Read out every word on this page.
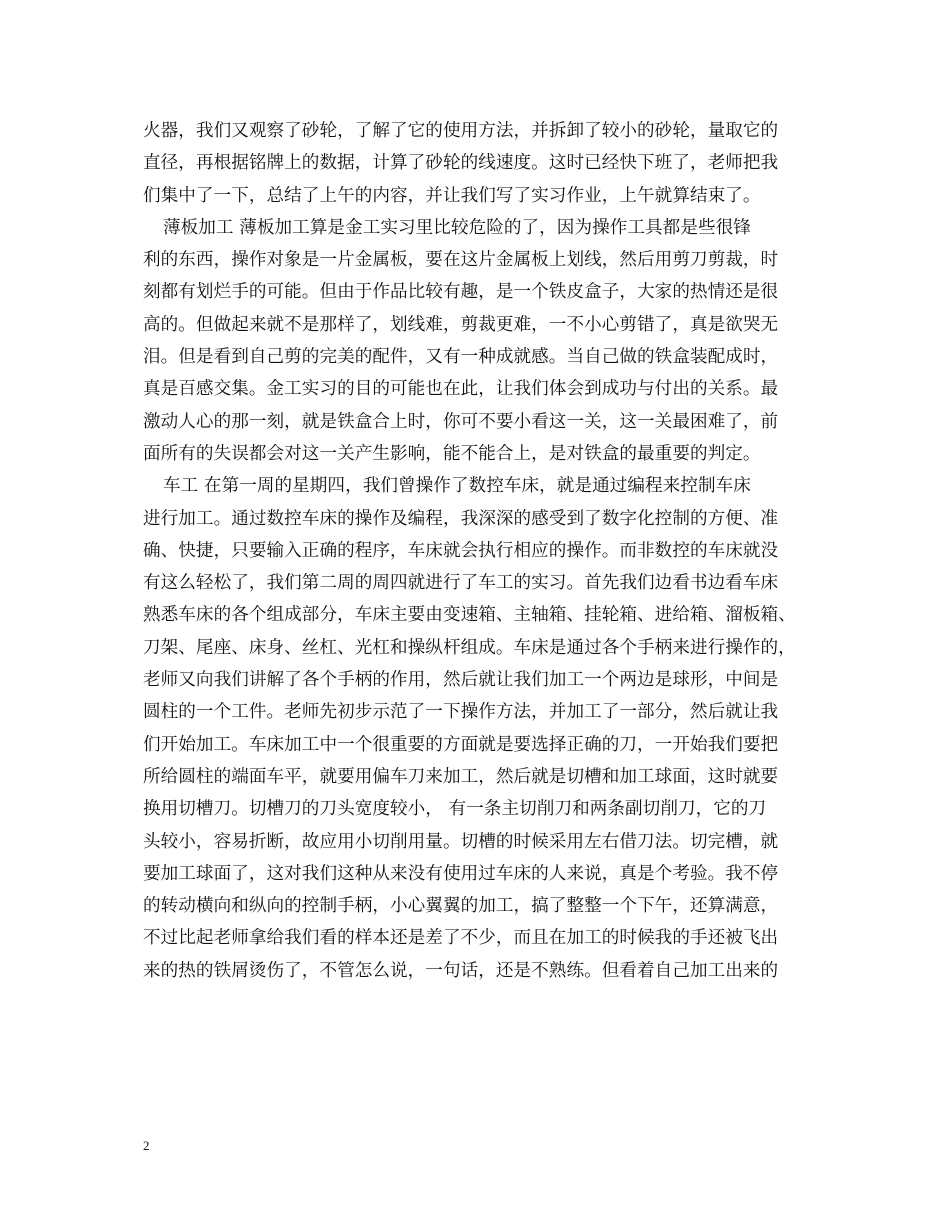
火器，我们又观察了砂轮，了解了它的使用方法，并拆卸了较小的砂轮，量取它的
直径，再根据铭牌上的数据，计算了砂轮的线速度。这时已经快下班了，老师把我
们集中了一下，总结了上午的内容，并让我们写了实习作业，上午就算结束了。
薄板加工 薄板加工算是金工实习里比较危险的了，因为操作工具都是些很锋
利的东西，操作对象是一片金属板，要在这片金属板上划线，然后用剪刀剪裁，时
刻都有划烂手的可能。但由于作品比较有趣，是一个铁皮盒子，大家的热情还是很
高的。但做起来就不是那样了，划线难，剪裁更难，一不小心剪错了，真是欲哭无
泪。但是看到自己剪的完美的配件，又有一种成就感。当自己做的铁盒装配成时，
真是百感交集。金工实习的目的可能也在此，让我们体会到成功与付出的关系。最
激动人心的那一刻，就是铁盒合上时，你可不要小看这一关，这一关最困难了，前
面所有的失误都会对这一关产生影响，能不能合上，是对铁盒的最重要的判定。
车工 在第一周的星期四，我们曾操作了数控车床，就是通过编程来控制车床
进行加工。通过数控车床的操作及编程，我深深的感受到了数字化控制的方便、准
确、快捷，只要输入正确的程序，车床就会执行相应的操作。而非数控的车床就没
有这么轻松了，我们第二周的周四就进行了车工的实习。首先我们边看书边看车床
熟悉车床的各个组成部分，车床主要由变速箱、主轴箱、挂轮箱、进给箱、溜板箱、
刀架、尾座、床身、丝杠、光杠和操纵杆组成。车床是通过各个手柄来进行操作的，
老师又向我们讲解了各个手柄的作用，然后就让我们加工一个两边是球形，中间是
圆柱的一个工件。老师先初步示范了一下操作方法，并加工了一部分，然后就让我
们开始加工。车床加工中一个很重要的方面就是要选择正确的刀，一开始我们要把
所给圆柱的端面车平，就要用偏车刀来加工，然后就是切槽和加工球面，这时就要
换用切槽刀。切槽刀的刀头宽度较小， 有一条主切削刀和两条副切削刀，它的刀
头较小，容易折断，故应用小切削用量。切槽的时候采用左右借刀法。切完槽，就
要加工球面了，这对我们这种从来没有使用过车床的人来说，真是个考验。我不停
的转动横向和纵向的控制手柄，小心翼翼的加工，搞了整整一个下午，还算满意，
不过比起老师拿给我们看的样本还是差了不少，而且在加工的时候我的手还被飞出
来的热的铁屑烫伤了，不管怎么说，一句话，还是不熟练。但看着自己加工出来的
2
